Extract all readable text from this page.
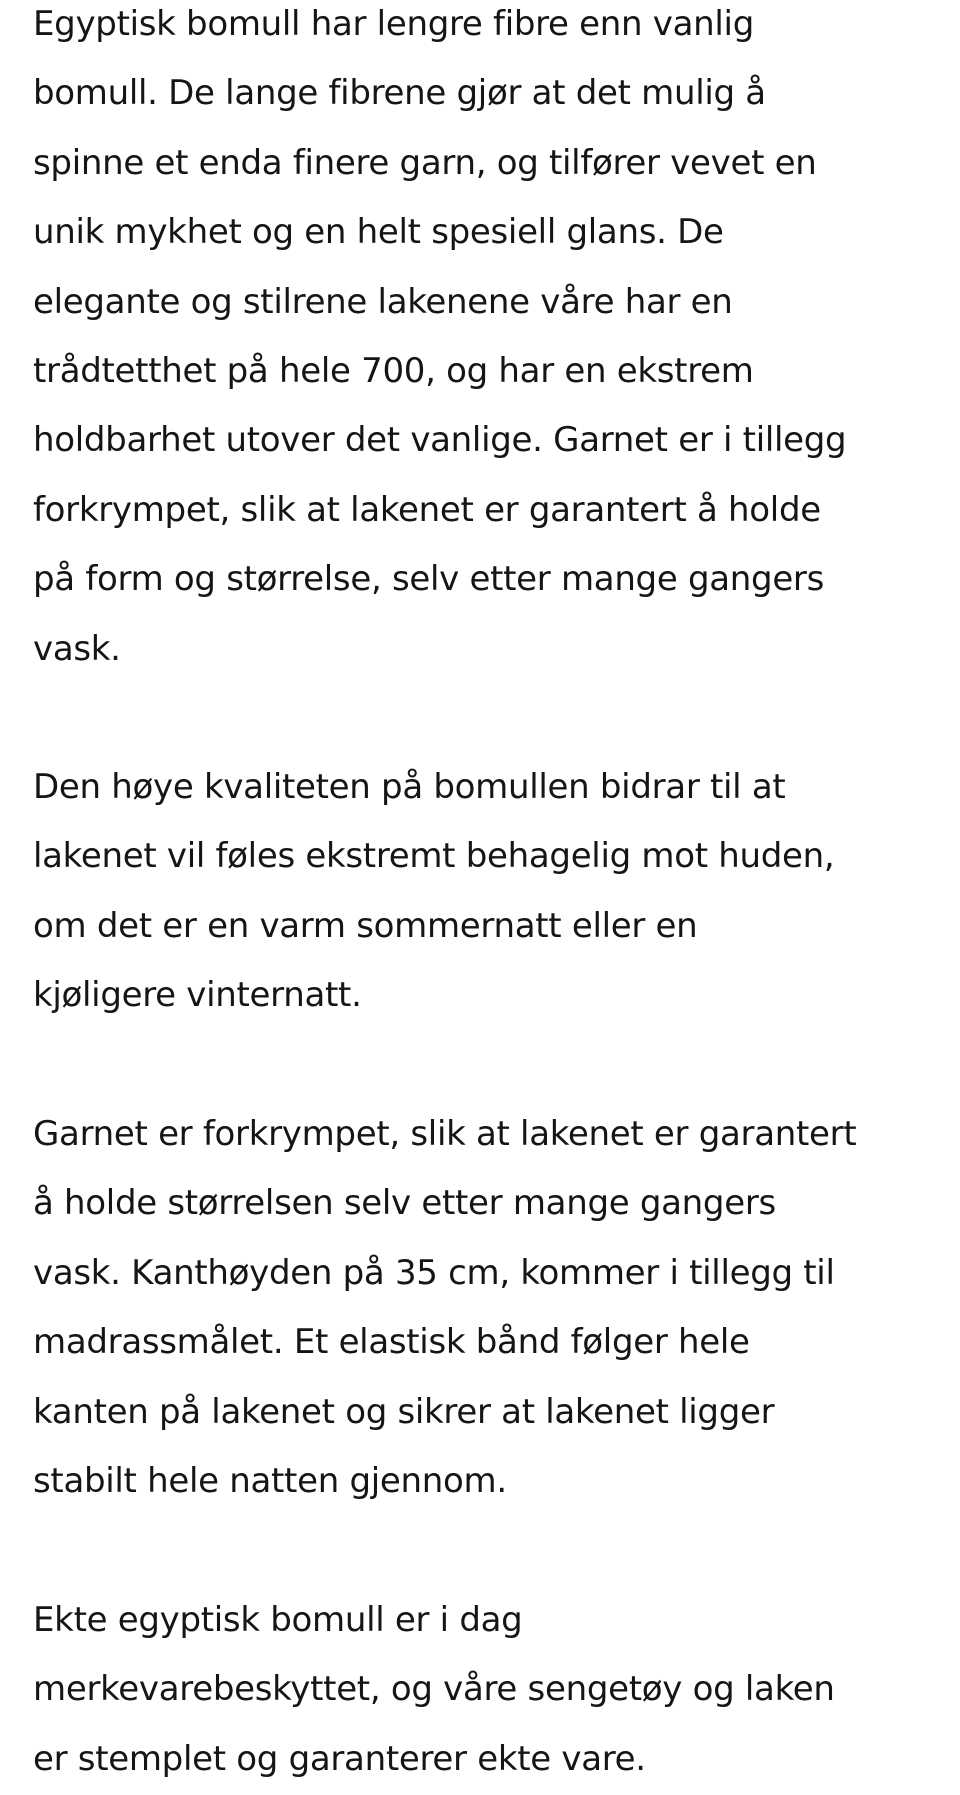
Egyptisk bomull har lengre fibre enn vanlig
bomull. De lange fibrene gjør at det mulig å
spinne et enda finere garn, og tilfører vevet en
unik mykhet og en helt spesiell glans. De
elegante og stilrene lakenene våre har en
trådtetthet på hele 700, og har en ekstrem
holdbarhet utover det vanlige. Garnet er i tillegg
forkrympet, slik at lakenet er garantert å holde
på form og størrelse, selv etter mange gangers
vask.

Den høye kvaliteten på bomullen bidrar til at
lakenet vil føles ekstremt behagelig mot huden,
om det er en varm sommernatt eller en
kjøligere vinternatt.

Garnet er forkrympet, slik at lakenet er garantert
å holde størrelsen selv etter mange gangers
vask. Kanthøyden på 35 cm, kommer i tillegg til
madrassmålet. Et elastisk bånd følger hele
kanten på lakenet og sikrer at lakenet ligger
stabilt hele natten gjennom.

Ekte egyptisk bomull er i dag
merkevarebeskyttet, og våre sengetøy og laken
er stemplet og garanterer ekte vare.
